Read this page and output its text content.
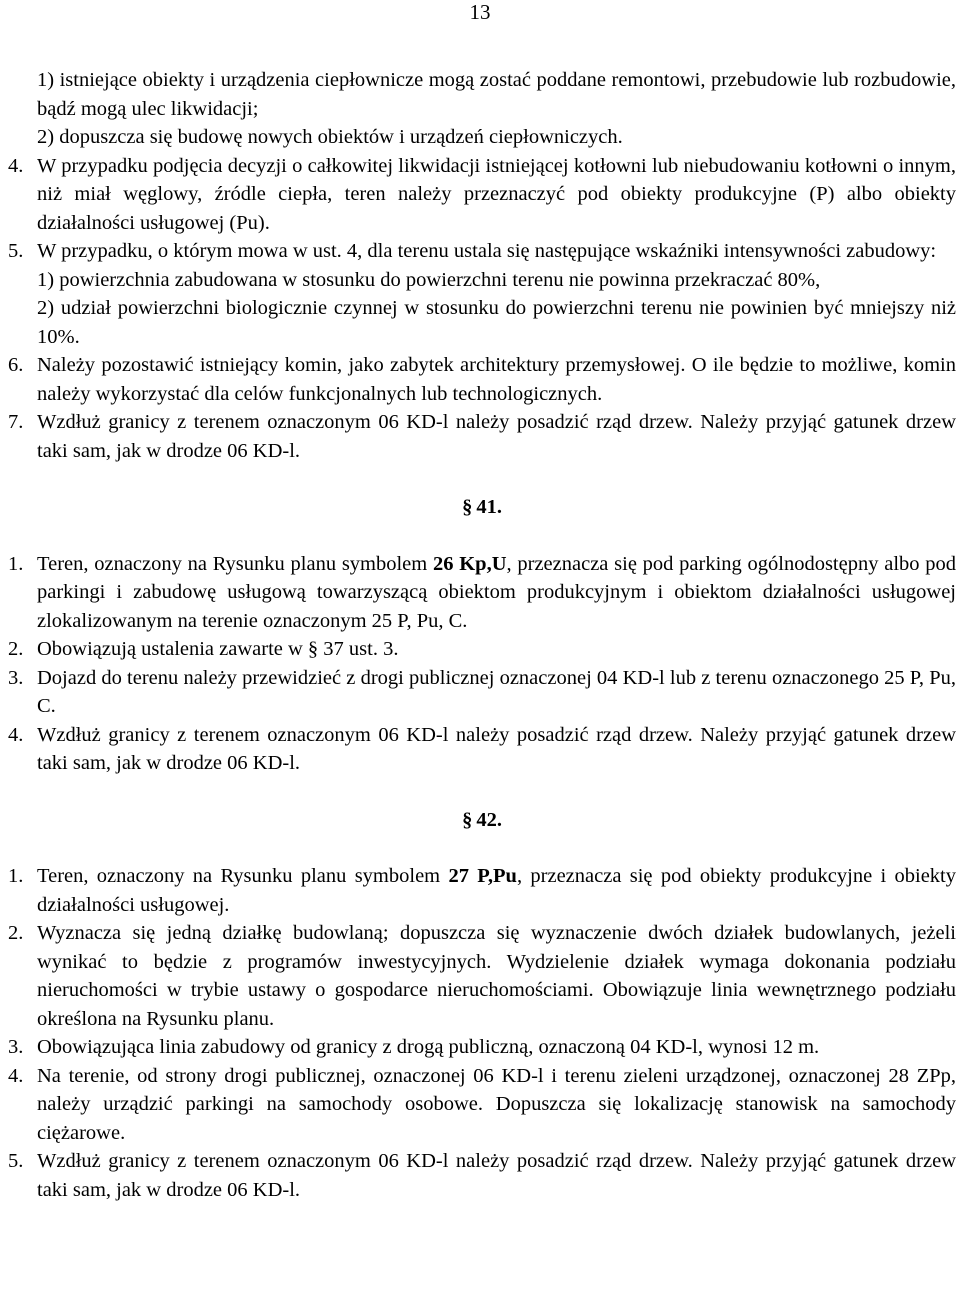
13
1) istniejące obiekty i urządzenia ciepłownicze mogą zostać poddane remontowi, przebudowie lub rozbudowie, bądź mogą ulec likwidacji;
2) dopuszcza się budowę nowych obiektów i urządzeń ciepłowniczych.
4. W przypadku podjęcia decyzji o całkowitej likwidacji istniejącej kotłowni lub niebudowaniu kotłowni o innym, niż miał węglowy, źródle ciepła, teren należy przeznaczyć pod obiekty produkcyjne (P) albo obiekty działalności usługowej (Pu).
5. W przypadku, o którym mowa w ust. 4, dla terenu ustala się następujące wskaźniki intensywności zabudowy:
1) powierzchnia zabudowana w stosunku do powierzchni terenu nie powinna przekraczać 80%,
2) udział powierzchni biologicznie czynnej w stosunku do powierzchni terenu nie powinien być mniejszy niż 10%.
6. Należy pozostawić istniejący komin, jako zabytek architektury przemysłowej. O ile będzie to możliwe, komin należy wykorzystać dla celów funkcjonalnych lub technologicznych.
7. Wzdłuż granicy z terenem oznaczonym 06 KD-l należy posadzić rząd drzew. Należy przyjąć gatunek drzew taki sam, jak w drodze 06 KD-l.
§ 41.
1. Teren, oznaczony na Rysunku planu symbolem 26 Kp,U, przeznacza się pod parking ogólnodostępny albo pod parkingi i zabudowę usługową towarzyszącą obiektom produkcyjnym i obiektom działalności usługowej zlokalizowanym na terenie oznaczonym 25 P, Pu, C.
2. Obowiązują ustalenia zawarte w § 37 ust. 3.
3. Dojazd do terenu należy przewidzieć z drogi publicznej oznaczonej 04 KD-l lub z terenu oznaczonego 25 P, Pu, C.
4. Wzdłuż granicy z terenem oznaczonym 06 KD-l należy posadzić rząd drzew. Należy przyjąć gatunek drzew taki sam, jak w drodze 06 KD-l.
§ 42.
1. Teren, oznaczony na Rysunku planu symbolem 27 P,Pu, przeznacza się pod obiekty produkcyjne i obiekty działalności usługowej.
2. Wyznacza się jedną działkę budowlaną; dopuszcza się wyznaczenie dwóch działek budowlanych, jeżeli wynikać to będzie z programów inwestycyjnych. Wydzielenie działek wymaga dokonania podziału nieruchomości w trybie ustawy o gospodarce nieruchomościami. Obowiązuje linia wewnętrznego podziału określona na Rysunku planu.
3. Obowiązująca linia zabudowy od granicy z drogą publiczną, oznaczoną 04 KD-l, wynosi 12 m.
4. Na terenie, od strony drogi publicznej, oznaczonej 06 KD-l i terenu zieleni urządzonej, oznaczonej 28 ZPp, należy urządzić parkingi na samochody osobowe. Dopuszcza się lokalizację stanowisk na samochody ciężarowe.
5. Wzdłuż granicy z terenem oznaczonym 06 KD-l należy posadzić rząd drzew. Należy przyjąć gatunek drzew taki sam, jak w drodze 06 KD-l.
